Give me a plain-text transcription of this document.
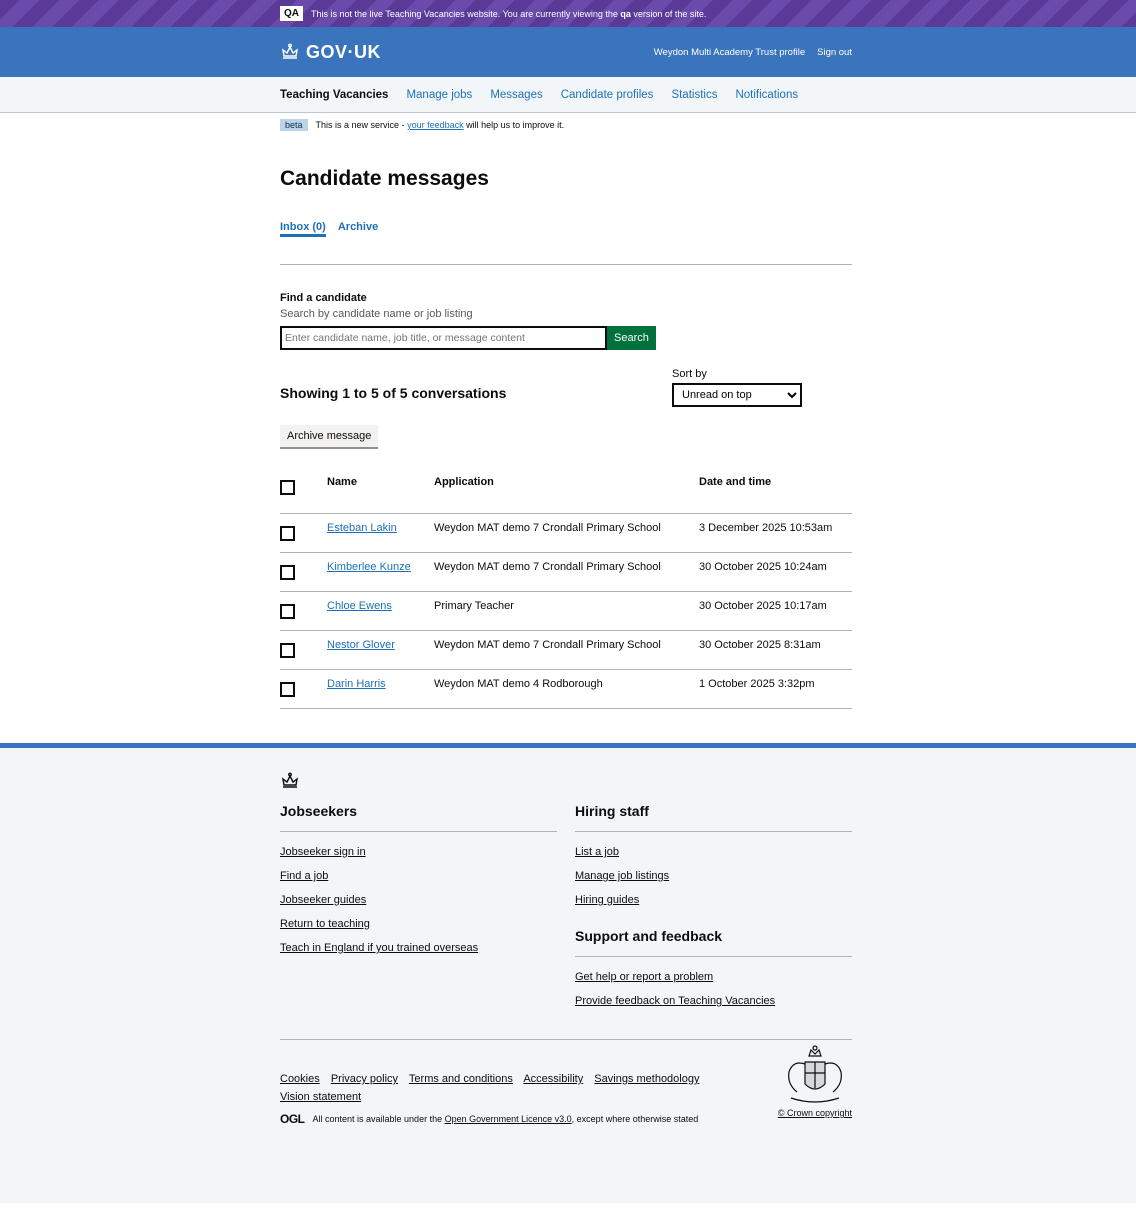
QA	This is not the live Teaching Vacancies website. You are currently viewing the qa version of the site.
GOV·UK	Weydon Multi Academy Trust profile Sign out
Teaching Vacancies Manage jobs Messages Candidate profiles Statistics Notifications
beta	This is a new service - your feedback will help us to improve it.
Candidate messages
Inbox (0) Archive
Find a candidate
Search by candidate name or job listing
Enter candidate name, job title, or message content
Search
Showing 1 to 5 of 5 conversations
Sort by
Unread on top
Archive message
	Name	Application	Date and time
	Esteban Lakin	Weydon MAT demo 7 Crondall Primary School	3 December 2025 10:53am
	Kimberlee Kunze	Weydon MAT demo 7 Crondall Primary School	30 October 2025 10:24am
	Chloe Ewens	Primary Teacher	30 October 2025 10:17am
	Nestor Glover	Weydon MAT demo 7 Crondall Primary School	30 October 2025 8:31am
	Darin Harris	Weydon MAT demo 4 Rodborough	1 October 2025 3:32pm
Jobseekers
Jobseeker sign in
Find a job
Jobseeker guides
Return to teaching
Teach in England if you trained overseas
Hiring staff
List a job
Manage job listings
Hiring guides
Support and feedback
Get help or report a problem
Provide feedback on Teaching Vacancies
Cookies Privacy policy Terms and conditions Accessibility Savings methodology Vision statement
OGL All content is available under the Open Government Licence v3.0, except where otherwise stated
© Crown copyright
